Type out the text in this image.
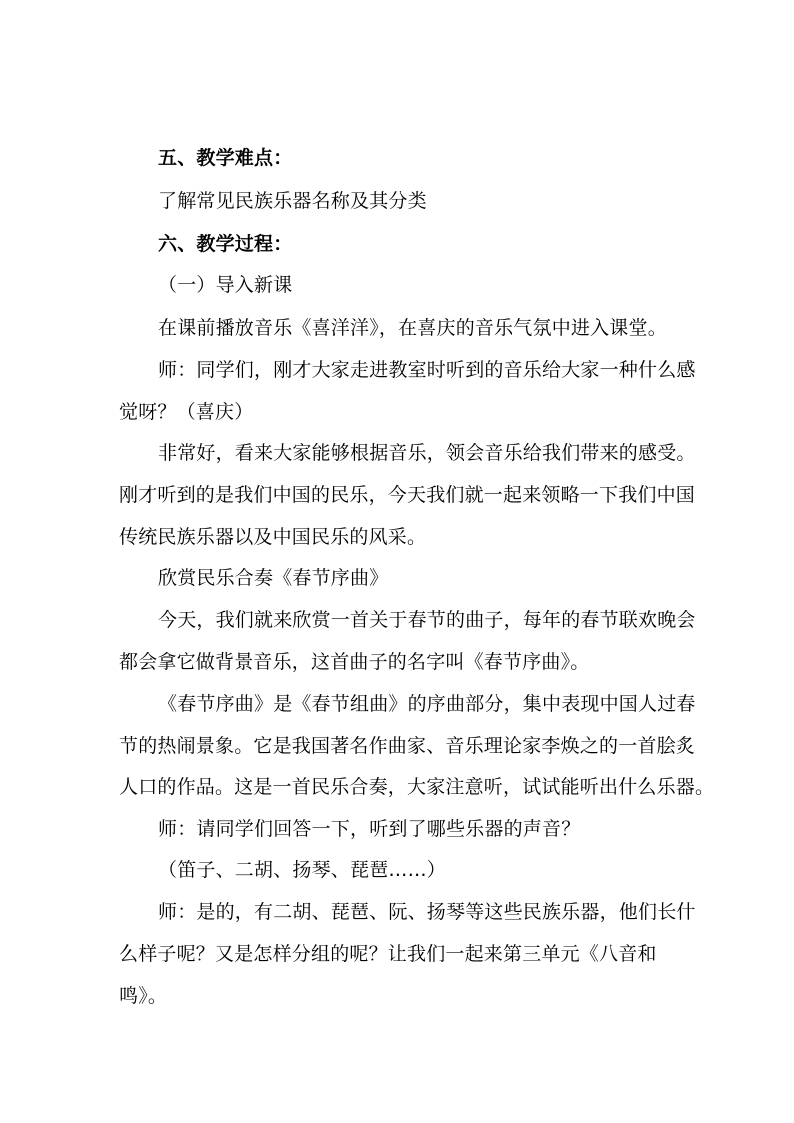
五、教学难点：
了解常见民族乐器名称及其分类
六、教学过程：
（一）导入新课
在课前播放音乐《喜洋洋》，在喜庆的音乐气氛中进入课堂。
师：同学们，刚才大家走进教室时听到的音乐给大家一种什么感
觉呀？（喜庆）
非常好，看来大家能够根据音乐，领会音乐给我们带来的感受。
刚才听到的是我们中国的民乐，今天我们就一起来领略一下我们中国
传统民族乐器以及中国民乐的风采。
欣赏民乐合奏《春节序曲》
今天，我们就来欣赏一首关于春节的曲子，每年的春节联欢晚会
都会拿它做背景音乐，这首曲子的名字叫《春节序曲》。
《春节序曲》是《春节组曲》的序曲部分，集中表现中国人过春
节的热闹景象。它是我国著名作曲家、音乐理论家李焕之的一首脍炙
人口的作品。这是一首民乐合奏，大家注意听，试试能听出什么乐器。
师：请同学们回答一下，听到了哪些乐器的声音？
（笛子、二胡、扬琴、琵琶……）
师：是的，有二胡、琵琶、阮、扬琴等这些民族乐器，他们长什
么样子呢？又是怎样分组的呢？让我们一起来第三单元《八音和
鸣》。
